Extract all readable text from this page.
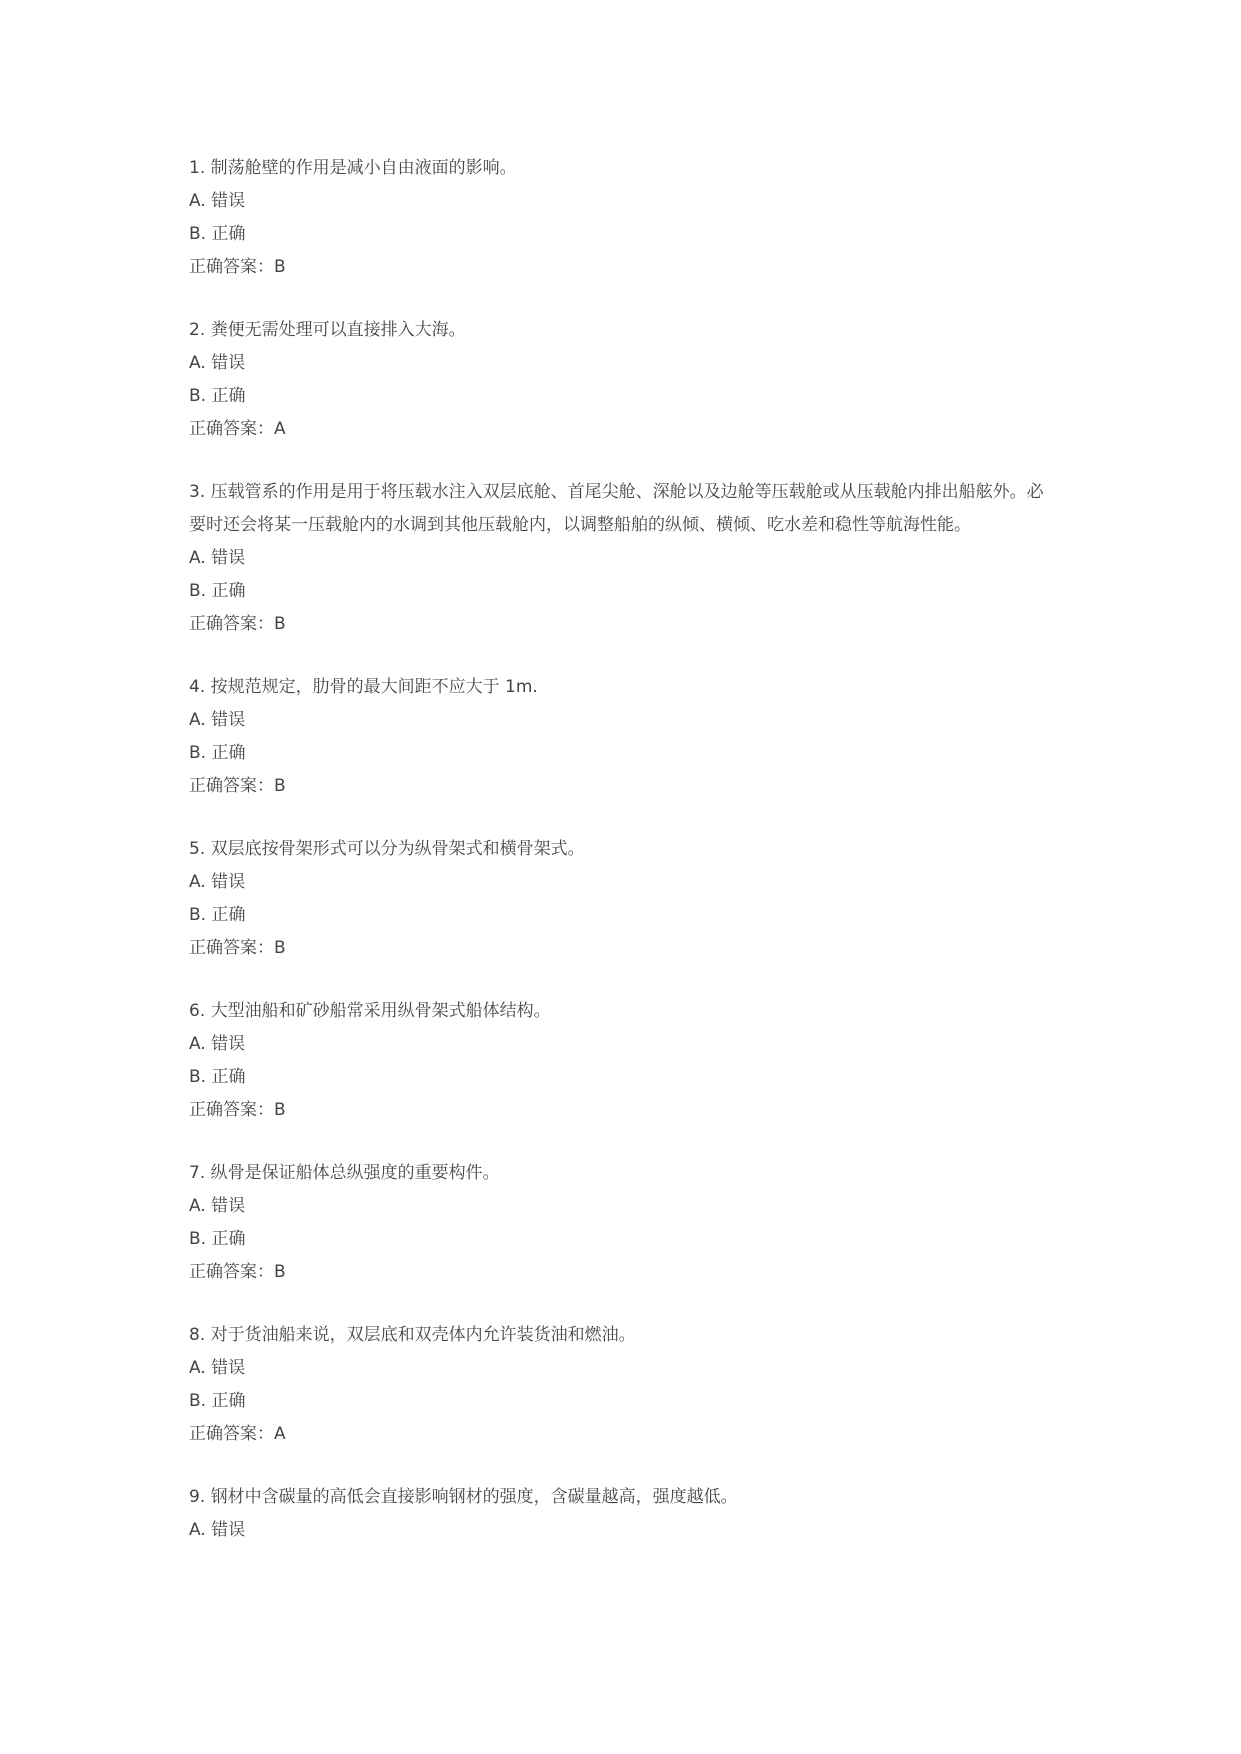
1. 制荡舱壁的作用是减小自由液面的影响。
A. 错误
B. 正确
正确答案：B
2. 粪便无需处理可以直接排入大海。
A. 错误
B. 正确
正确答案：A
3. 压载管系的作用是用于将压载水注入双层底舱、首尾尖舱、深舱以及边舱等压载舱或从压载舱内排出船舷外。必要时还会将某一压载舱内的水调到其他压载舱内，以调整船舶的纵倾、横倾、吃水差和稳性等航海性能。
A. 错误
B. 正确
正确答案：B
4. 按规范规定，肋骨的最大间距不应大于 1m.
A. 错误
B. 正确
正确答案：B
5. 双层底按骨架形式可以分为纵骨架式和横骨架式。
A. 错误
B. 正确
正确答案：B
6. 大型油船和矿砂船常采用纵骨架式船体结构。
A. 错误
B. 正确
正确答案：B
7. 纵骨是保证船体总纵强度的重要构件。
A. 错误
B. 正确
正确答案：B
8. 对于货油船来说，双层底和双壳体内允许装货油和燃油。
A. 错误
B. 正确
正确答案：A
9. 钢材中含碳量的高低会直接影响钢材的强度，含碳量越高，强度越低。
A. 错误
